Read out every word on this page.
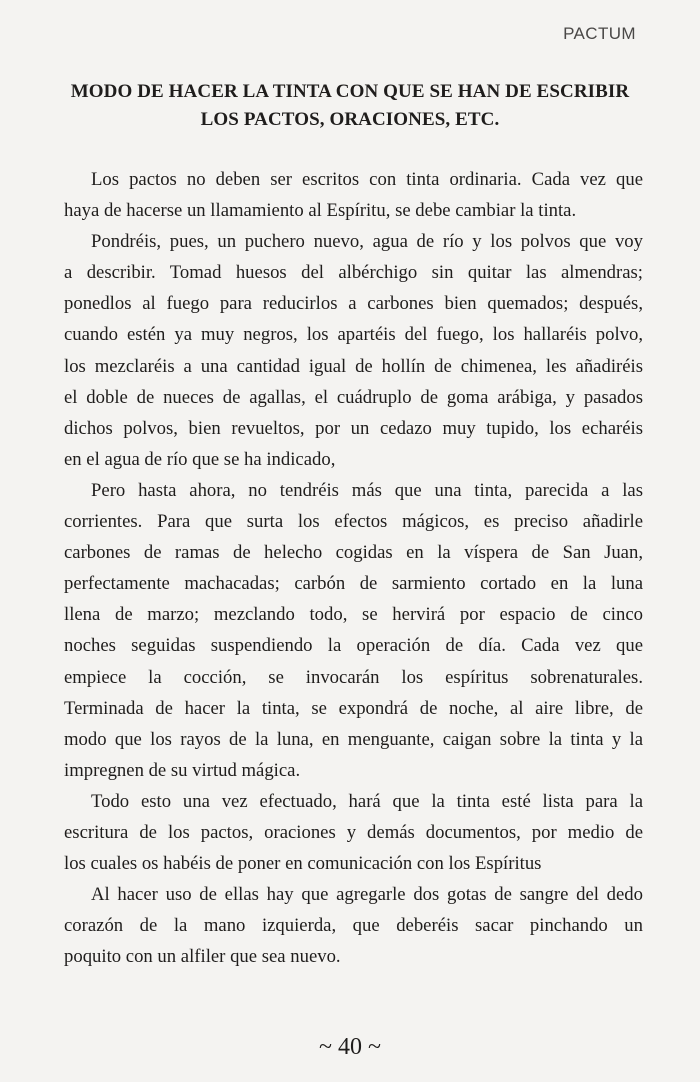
PACTUM
MODO DE HACER LA TINTA CON QUE SE HAN DE ESCRIBIR
LOS PACTOS, ORACIONES, ETC.

Los pactos no deben ser escritos con tinta ordinaria. Cada vez que
haya de hacerse un llamamiento al Espíritu, se debe cambiar la tinta.

Pondréis, pues, un puchero nuevo, agua de río y los polvos que voy
a describir. Tomad huesos del albérchigo sin quitar las almendras;
ponedlos al fuego para reducirlos a carbones bien quemados; después,
cuando estén ya muy negros, los apartéis del fuego, los hallaréis polvo,
los mezclaréis a una cantidad igual de hollín de chimenea, les añadiréis
el doble de nueces de agallas, el cuádruplo de goma arábiga, y pasados
dichos polvos, bien revueltos, por un cedazo muy tupido, los echaréis
en el agua de río que se ha indicado,

Pero hasta ahora, no tendréis más que una tinta, parecida a las
corrientes. Para que surta los efectos mágicos, es preciso añadirle
carbones de ramas de helecho cogidas en la víspera de San Juan,
perfectamente machacadas; carbón de sarmiento cortado en la luna
llena de marzo; mezclando todo, se hervirá por espacio de cinco
noches seguidas suspendiendo la operación de día. Cada vez que
empiece la cocción, se invocarán los espíritus sobrenaturales.
Terminada de hacer la tinta, se expondrá de noche, al aire libre, de
modo que los rayos de la luna, en menguante, caigan sobre la tinta y la
impregnen de su virtud mágica.

Todo esto una vez efectuado, hará que la tinta esté lista para la
escritura de los pactos, oraciones y demás documentos, por medio de
los cuales os habéis de poner en comunicación con los Espíritus

Al hacer uso de ellas hay que agregarle dos gotas de sangre del dedo
corazón de la mano izquierda, que deberéis sacar pinchando un
poquito con un alfiler que sea nuevo.

~ 40 ~
